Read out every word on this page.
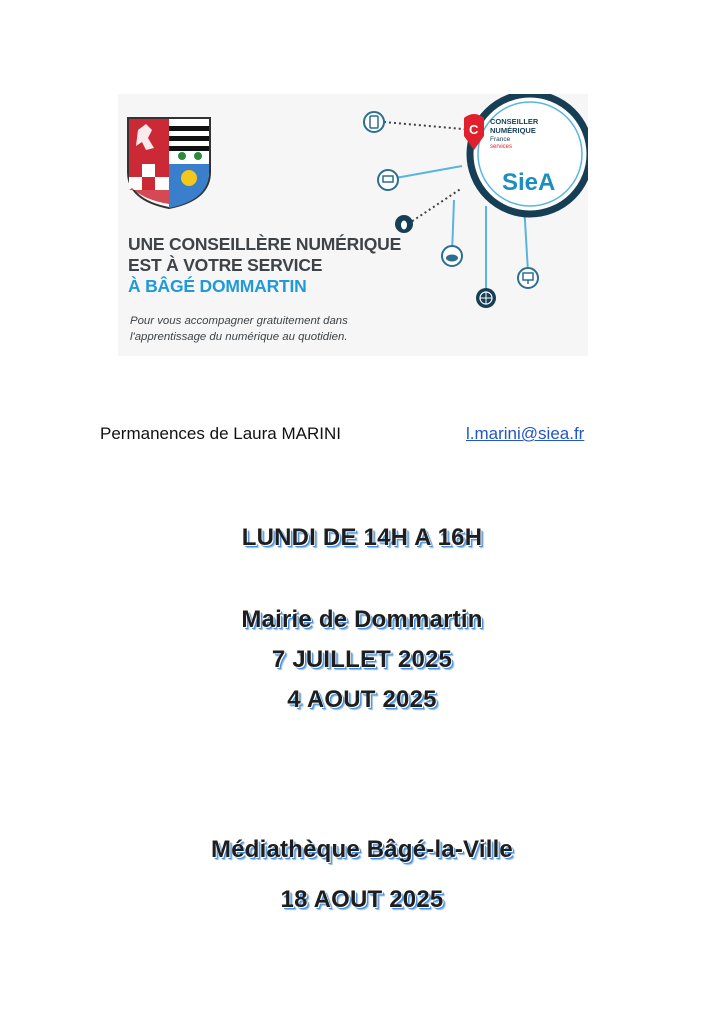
UNE CONSEILLÈRE NUMÉRIQUE
EST À VOTRE SERVICE
À BÂGÉ DOMMARTIN
Pour vous accompagner gratuitement dans
l'apprentissage du numérique au quotidien.
C
CONSEILLER
NUMÉRIQUE
France
services
SieA
Permanences de Laura MARINI	l.marini@siea.fr
LUNDI DE 14H A 16H
Mairie de Dommartin
7 JUILLET 2025
4 AOUT 2025
Médiathèque Bâgé-la-Ville
18 AOUT 2025
